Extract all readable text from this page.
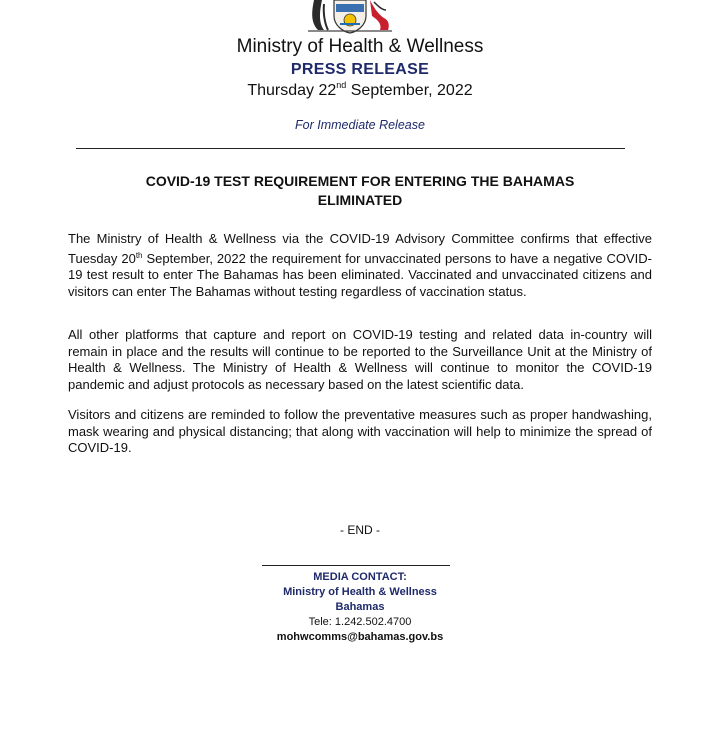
Ministry of Health & Wellness
PRESS RELEASE
Thursday 22nd September, 2022
For Immediate Release
COVID-19 TEST REQUIREMENT FOR ENTERING THE BAHAMAS
ELIMINATED

The Ministry of Health & Wellness via the COVID-19 Advisory Committee confirms that effective Tuesday 20th September, 2022 the requirement for unvaccinated persons to have a negative COVID-19 test result to enter The Bahamas has been eliminated. Vaccinated and unvaccinated citizens and visitors can enter The Bahamas without testing regardless of vaccination status.

All other platforms that capture and report on COVID-19 testing and related data in-country will remain in place and the results will continue to be reported to the Surveillance Unit at the Ministry of Health & Wellness. The Ministry of Health & Wellness will continue to monitor the COVID-19 pandemic and adjust protocols as necessary based on the latest scientific data.

Visitors and citizens are reminded to follow the preventative measures such as proper handwashing, mask wearing and physical distancing; that along with vaccination will help to minimize the spread of COVID-19.

- END -
MEDIA CONTACT:
Ministry of Health & Wellness
Bahamas
Tele: 1.242.502.4700
mohwcomms@bahamas.gov.bs
